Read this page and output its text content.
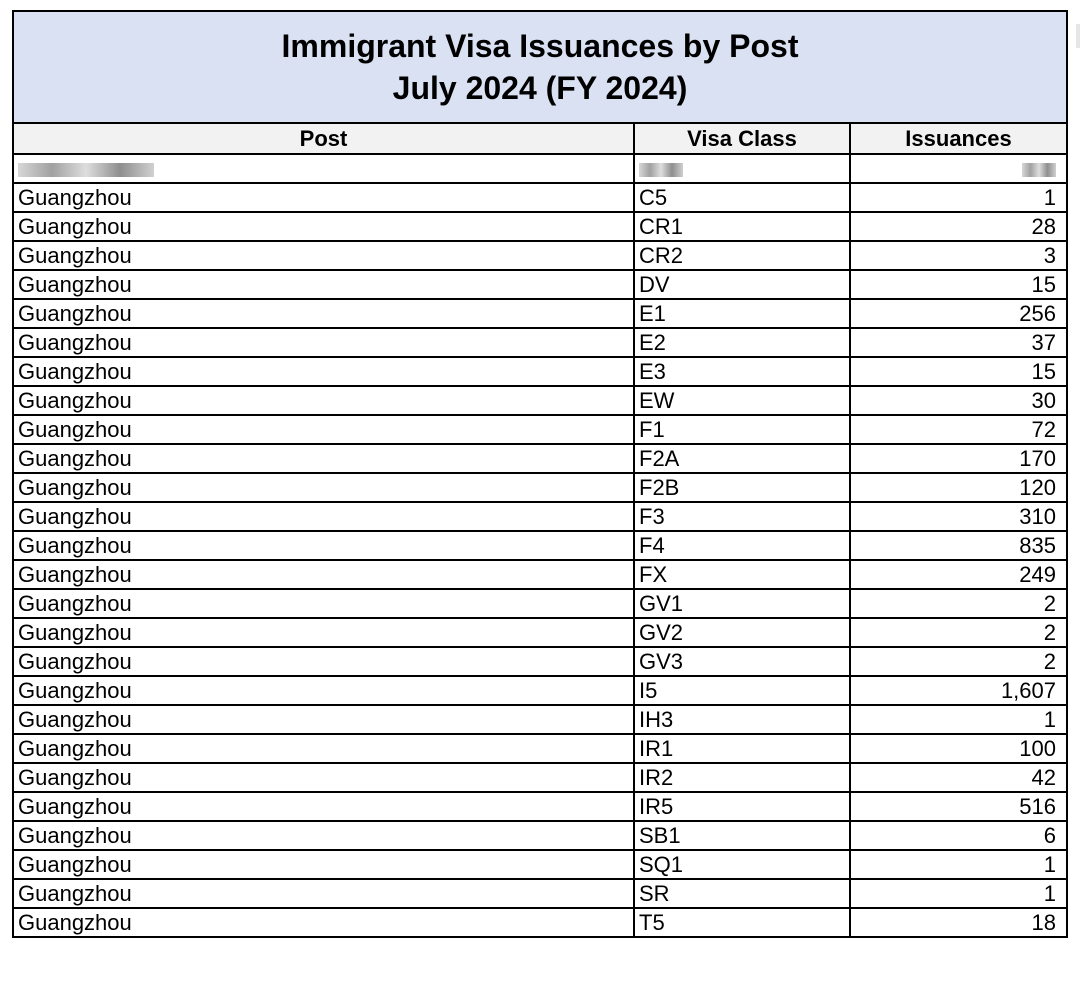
Immigrant Visa Issuances by Post
July 2024 (FY 2024)
Post	Visa Class	Issuances

Guangzhou	C5	1
Guangzhou	CR1	28
Guangzhou	CR2	3
Guangzhou	DV	15
Guangzhou	E1	256
Guangzhou	E2	37
Guangzhou	E3	15
Guangzhou	EW	30
Guangzhou	F1	72
Guangzhou	F2A	170
Guangzhou	F2B	120
Guangzhou	F3	310
Guangzhou	F4	835
Guangzhou	FX	249
Guangzhou	GV1	2
Guangzhou	GV2	2
Guangzhou	GV3	2
Guangzhou	I5	1,607
Guangzhou	IH3	1
Guangzhou	IR1	100
Guangzhou	IR2	42
Guangzhou	IR5	516
Guangzhou	SB1	6
Guangzhou	SQ1	1
Guangzhou	SR	1
Guangzhou	T5	18
